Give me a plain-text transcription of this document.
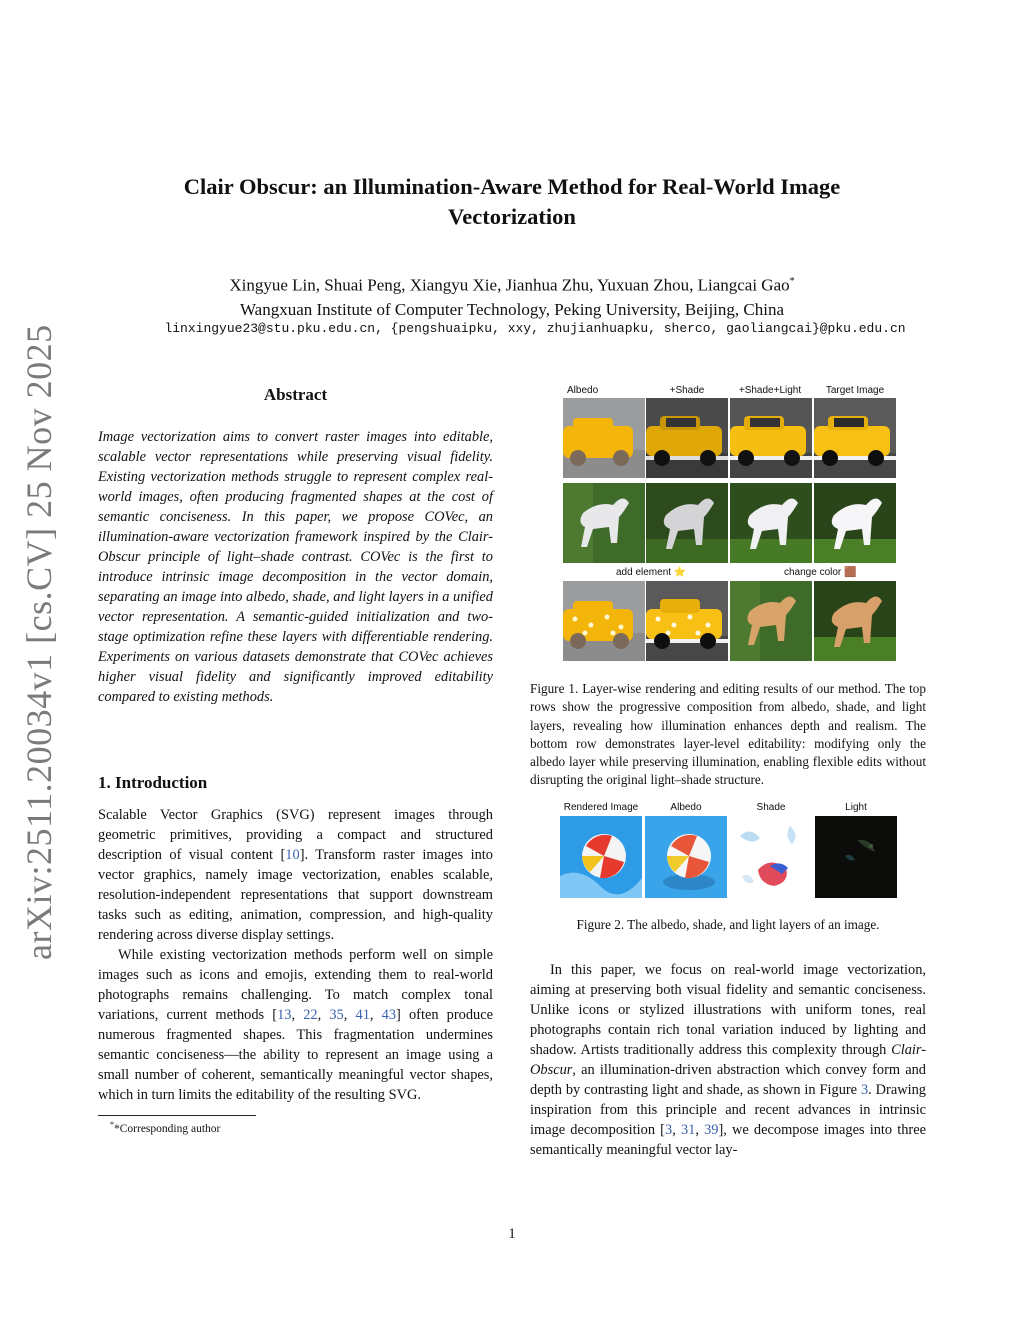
arXiv:2511.20034v1 [cs.CV] 25 Nov 2025
Clair Obscur: an Illumination-Aware Method for Real-World Image
Vectorization
Xingyue Lin, Shuai Peng, Xiangyu Xie, Jianhua Zhu, Yuxuan Zhou, Liangcai Gao*
Wangxuan Institute of Computer Technology, Peking University, Beijing, China
linxingyue23@stu.pku.edu.cn, {pengshuaipku, xxy, zhujianhuapku, sherco, gaoliangcai}@pku.edu.cn
Abstract

Image vectorization aims to convert raster images into editable, scalable vector representations while preserving visual fidelity. Existing vectorization methods struggle to represent complex real-world images, often producing fragmented shapes at the cost of semantic conciseness. In this paper, we propose COVec, an illumination-aware vectorization framework inspired by the Clair-Obscur principle of light–shade contrast. COVec is the first to introduce intrinsic image decomposition in the vector domain, separating an image into albedo, shade, and light layers in a unified vector representation. A semantic-guided initialization and two-stage optimization refine these layers with differentiable rendering. Experiments on various datasets demonstrate that COVec achieves higher visual fidelity and significantly improved editability compared to existing methods.

1. Introduction

Scalable Vector Graphics (SVG) represent images through geometric primitives, providing a compact and structured description of visual content [10]. Transform raster images into vector graphics, namely image vectorization, enables scalable, resolution-independent representations that support downstream tasks such as editing, animation, compression, and high-quality rendering across diverse display settings.

While existing vectorization methods perform well on simple images such as icons and emojis, extending them to real-world photographs remains challenging. To match complex tonal variations, current methods [13, 22, 35, 41, 43] often produce numerous fragmented shapes. This fragmentation undermines semantic conciseness—the ability to represent an image using a small number of coherent, semantically meaningful vector shapes, which in turn limits the editability of the resulting SVG.

**Corresponding author
Albedo	+Shade	+Shade+Light	Target Image
add element ⭐	change color 🟫

Figure 1. Layer-wise rendering and editing results of our method. The top rows show the progressive composition from albedo, shade, and light layers, revealing how illumination enhances depth and realism. The bottom row demonstrates layer-level editability: modifying only the albedo layer while preserving illumination, enabling flexible edits without disrupting the original light–shade structure.

Rendered Image	Albedo	Shade	Light

Figure 2. The albedo, shade, and light layers of an image.

In this paper, we focus on real-world image vectorization, aiming at preserving both visual fidelity and semantic conciseness. Unlike icons or stylized illustrations with uniform tones, real photographs contain rich tonal variation induced by lighting and shadow. Artists traditionally address this complexity through Clair-Obscur, an illumination-driven abstraction which convey form and depth by contrasting light and shade, as shown in Figure 3. Drawing inspiration from this principle and recent advances in intrinsic image decomposition [3, 31, 39], we decompose images into three semantically meaningful vector lay-

1
